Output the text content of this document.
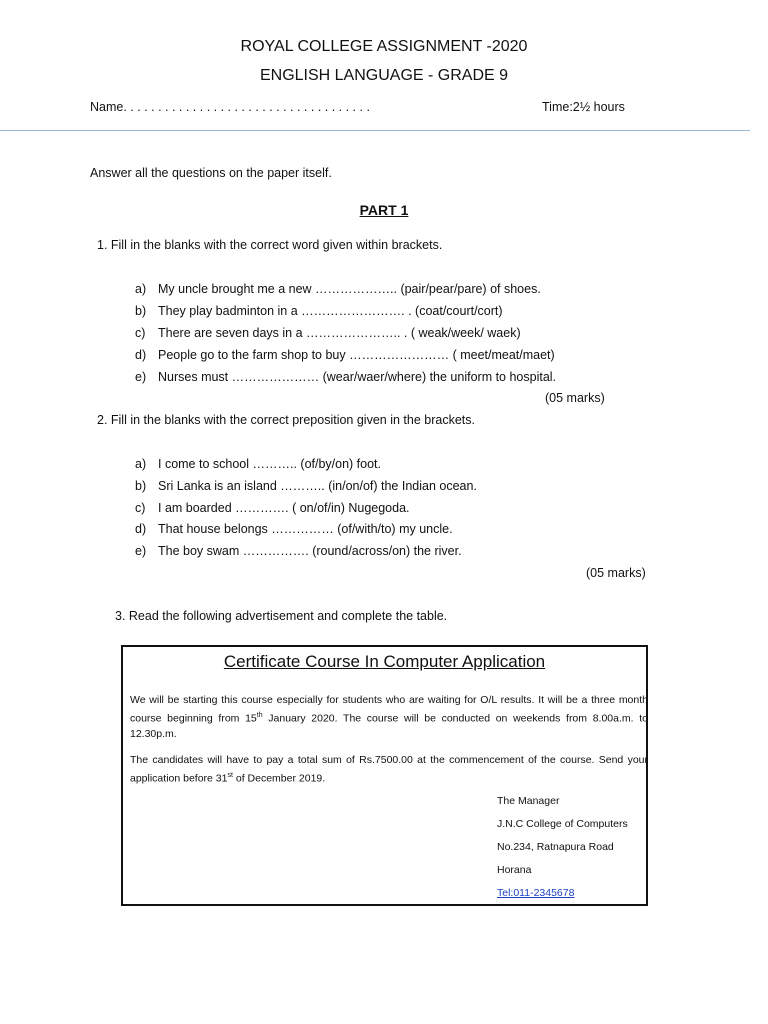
ROYAL COLLEGE ASSIGNMENT -2020
ENGLISH LANGUAGE - GRADE 9
Name. . . . . . . . . . . . . . . . . . . . . . . . . . . . . . . . . . . .	Time:2½ hours
Answer all the questions on the paper itself.
PART 1
1. Fill in the blanks with the correct word given within brackets.
a) My uncle brought me a new ……………….. (pair/pear/pare) of shoes.
b) They play badminton in a ……………………. . (coat/court/cort)
c) There are seven days in a ………………….. . ( weak/week/ waek)
d) People go to the farm shop to buy …………………… ( meet/meat/maet)
e) Nurses must ………………… (wear/waer/where) the uniform to hospital.
(05 marks)
2. Fill in the blanks with the correct preposition given in the brackets.
a) I come to school ……….. (of/by/on) foot.
b) Sri Lanka is an island ……….. (in/on/of) the Indian ocean.
c) I am boarded …………. ( on/of/in) Nugegoda.
d) That house belongs …………… (of/with/to) my uncle.
e) The boy swam ……………. (round/across/on) the river.
(05 marks)
3. Read the following advertisement and complete the table.
Certificate Course In Computer Application
We will be starting this course especially for students who are waiting for O/L results. It will be a three month course beginning from 15th January 2020. The course will be conducted on weekends from 8.00a.m. to 12.30p.m.
The candidates will have to pay a total sum of Rs.7500.00 at the commencement of the course. Send your application before 31st of December 2019.
The Manager
J.N.C College of Computers
No.234, Ratnapura Road
Horana
Tel:011-2345678
